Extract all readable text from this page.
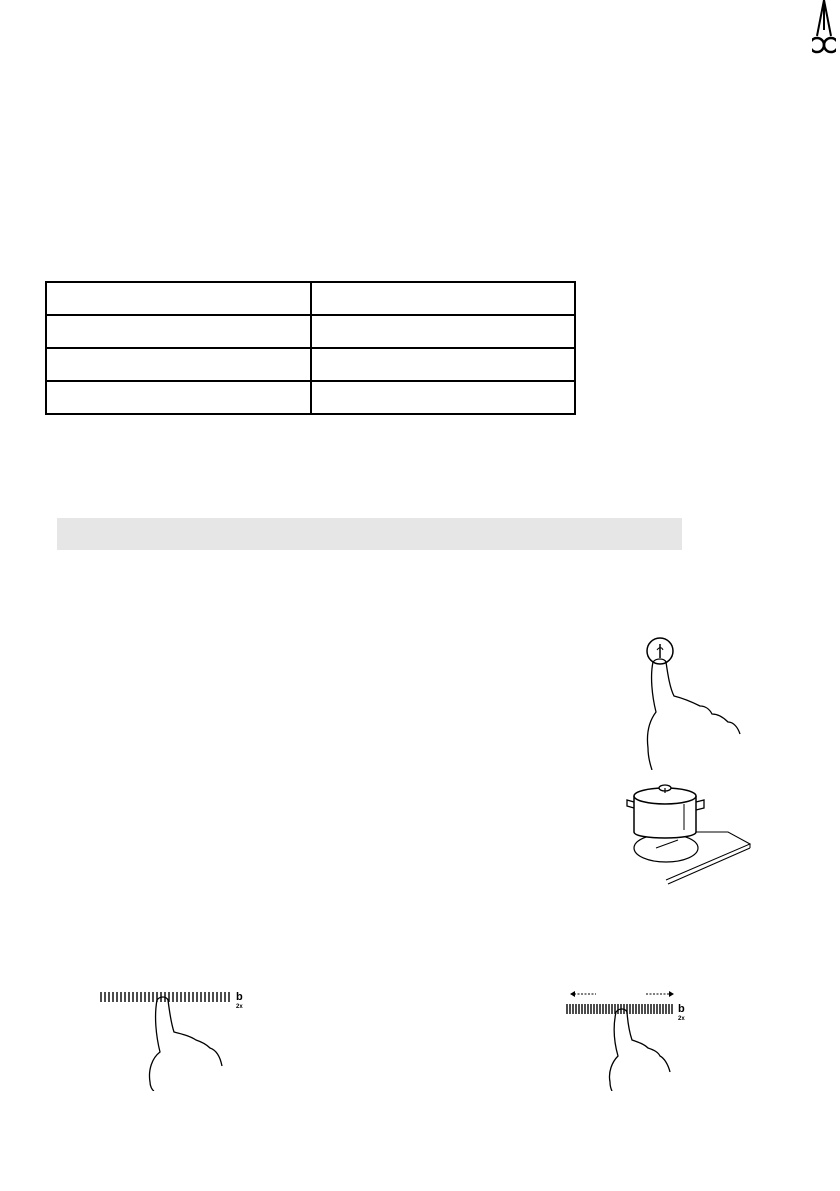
b
2x	b
2x
